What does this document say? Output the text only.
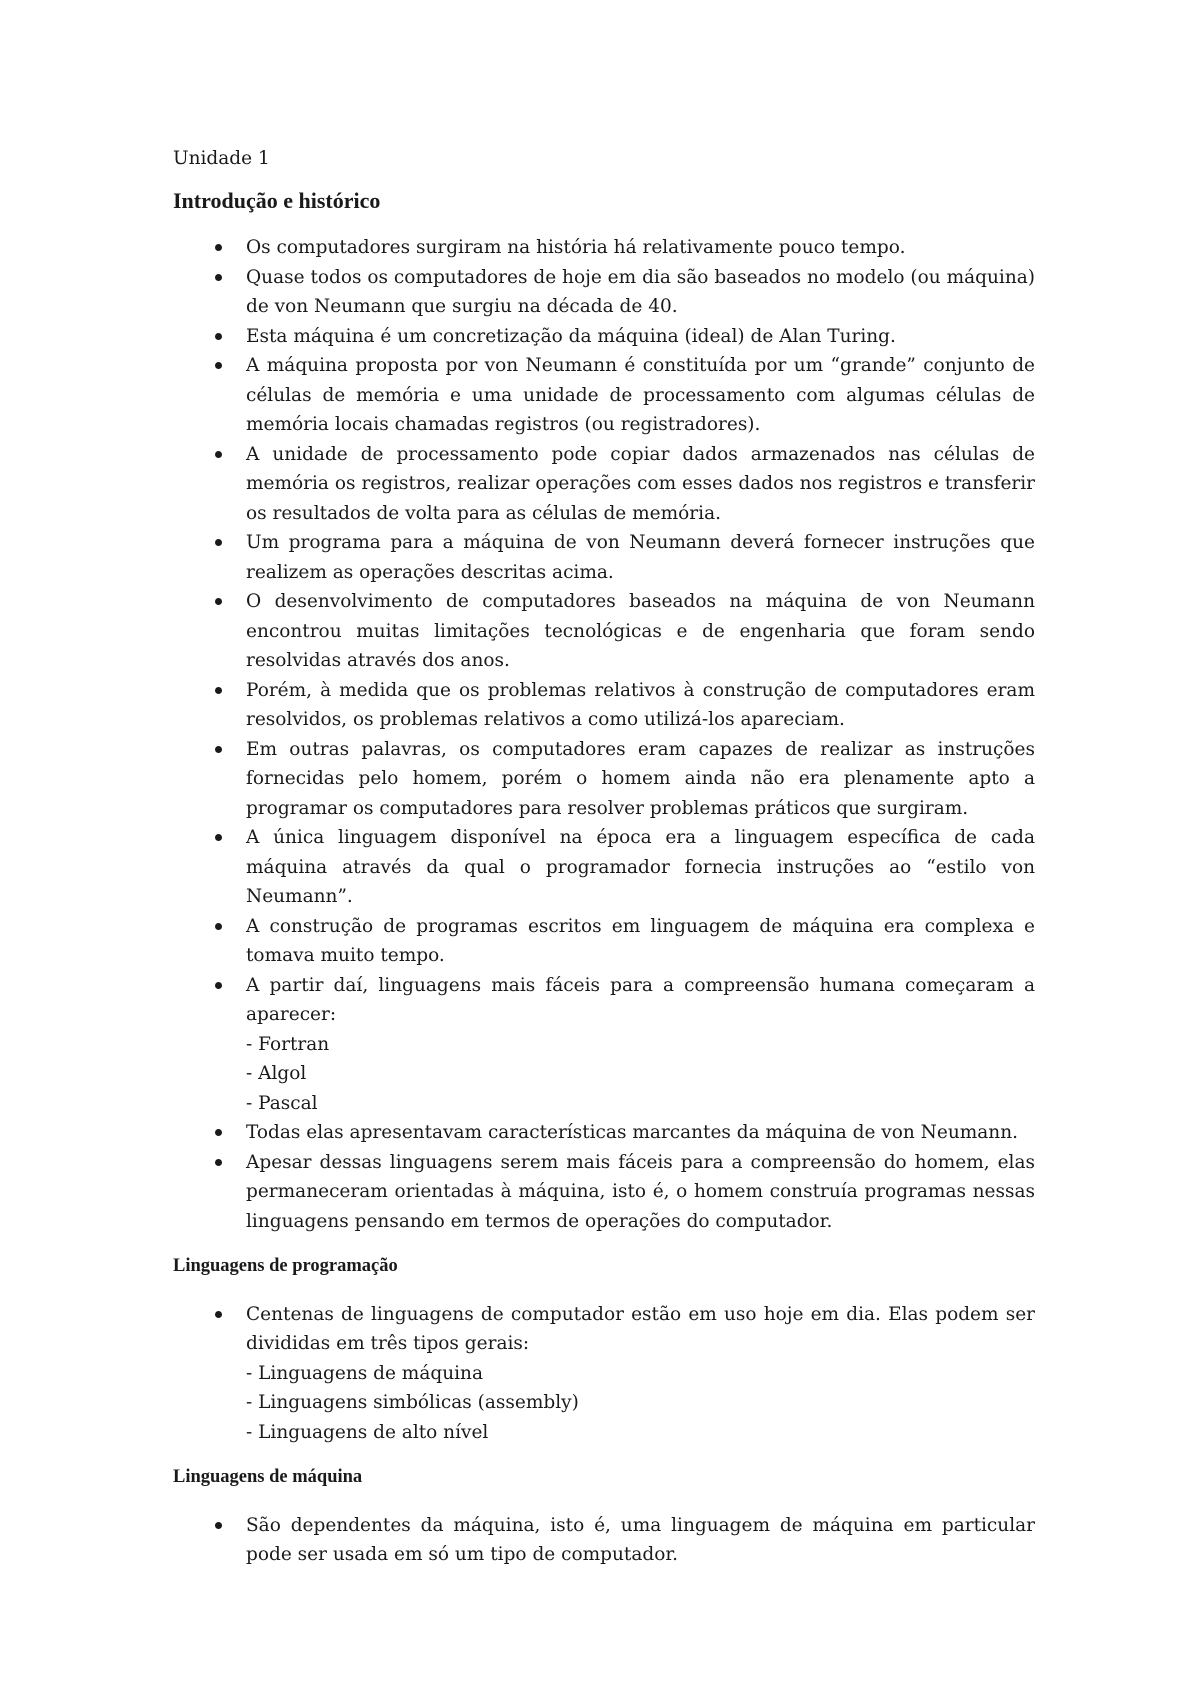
Unidade 1

Introdução e histórico
Os computadores surgiram na história há relativamente pouco tempo.
Quase todos os computadores de hoje em dia são baseados no modelo (ou máquina) de von Neumann que surgiu na década de 40.
Esta máquina é um concretização da máquina (ideal) de Alan Turing.
A máquina proposta por von Neumann é constituída por um “grande” conjunto de células de memória e uma unidade de processamento com algumas células de memória locais chamadas registros (ou registradores).
A unidade de processamento pode copiar dados armazenados nas células de memória os registros, realizar operações com esses dados nos registros e transferir os resultados de volta para as células de memória.
Um programa para a máquina de von Neumann deverá fornecer instruções que realizem as operações descritas acima.
O desenvolvimento de computadores baseados na máquina de von Neumann encontrou muitas limitações tecnológicas e de engenharia que foram sendo resolvidas através dos anos.
Porém, à medida que os problemas relativos à construção de computadores eram resolvidos, os problemas relativos a como utilizá-los apareciam.
Em outras palavras, os computadores eram capazes de realizar as instruções fornecidas pelo homem, porém o homem ainda não era plenamente apto a programar os computadores para resolver problemas práticos que surgiram.
A única linguagem disponível na época era a linguagem específica de cada máquina através da qual o programador fornecia instruções ao “estilo von Neumann”.
A construção de programas escritos em linguagem de máquina era complexa e tomava muito tempo.
A partir daí, linguagens mais fáceis para a compreensão humana começaram a aparecer:
- Fortran
- Algol
- Pascal
Todas elas apresentavam características marcantes da máquina de von Neumann.
Apesar dessas linguagens serem mais fáceis para a compreensão do homem, elas permaneceram orientadas à máquina, isto é, o homem construía programas nessas linguagens pensando em termos de operações do computador.
Linguagens de programação
Centenas de linguagens de computador estão em uso hoje em dia. Elas podem ser divididas em três tipos gerais:
- Linguagens de máquina
- Linguagens simbólicas (assembly)
- Linguagens de alto nível
Linguagens de máquina
São dependentes da máquina, isto é, uma linguagem de máquina em particular pode ser usada em só um tipo de computador.
